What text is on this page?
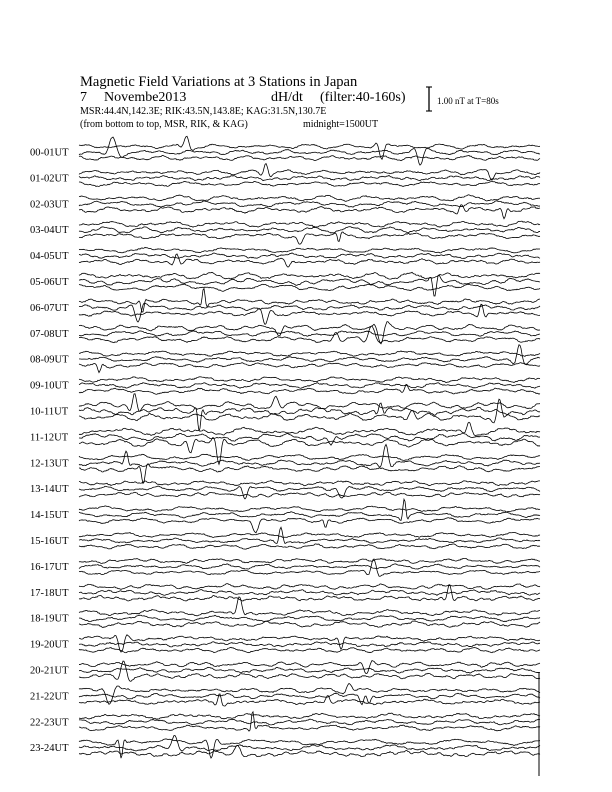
Magnetic Field Variations at 3 Stations in Japan
7 Novembe2013	dH/dt (filter:40-160s)
MSR:44.4N,142.3E; RIK:43.5N,143.8E; KAG:31.5N,130.7E
(from bottom to top, MSR, RIK, & KAG)	midnight=1500UT
1.00 nT at T=80s
00-01UT
01-02UT
02-03UT
03-04UT
04-05UT
05-06UT
06-07UT
07-08UT
08-09UT
09-10UT
10-11UT
11-12UT
12-13UT
13-14UT
14-15UT
15-16UT
16-17UT
17-18UT
18-19UT
19-20UT
20-21UT
21-22UT
22-23UT
23-24UT
